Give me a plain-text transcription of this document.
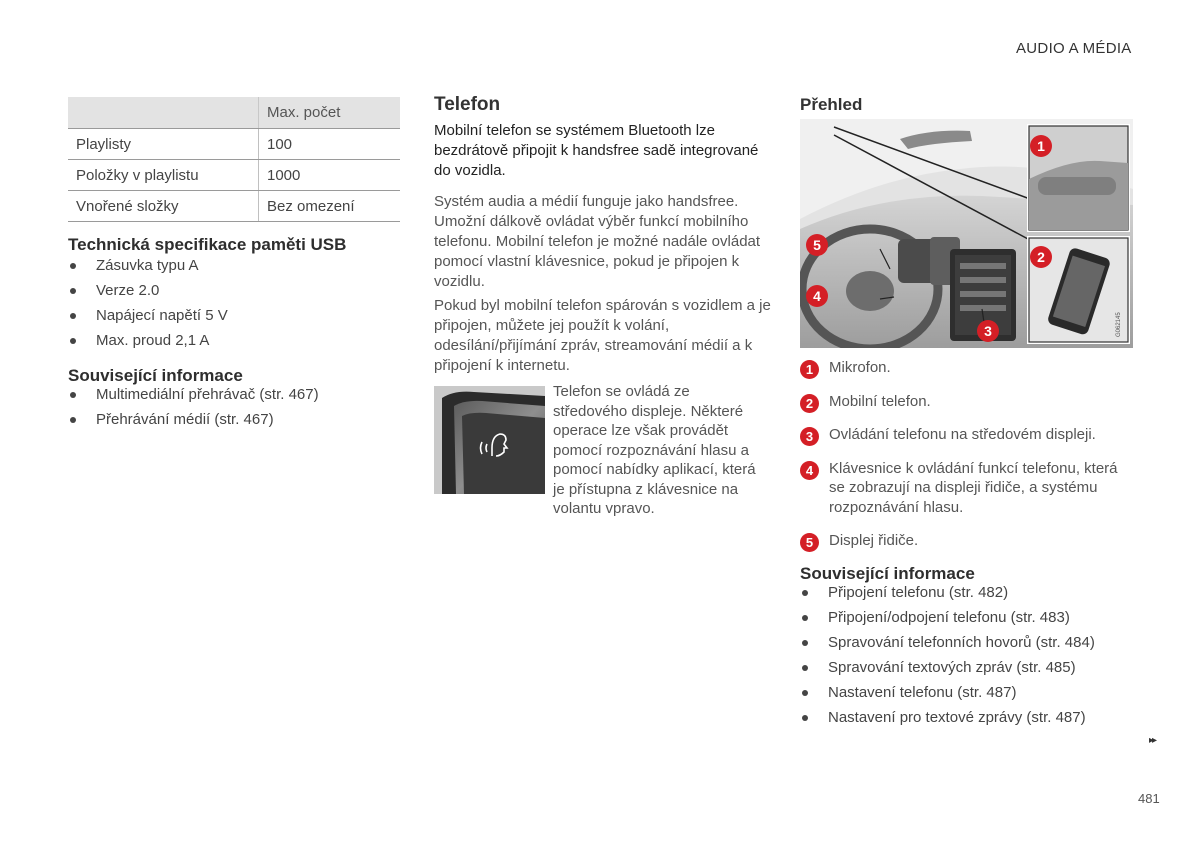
AUDIO A MÉDIA
▸▸
481
	Max. počet
Playlisty	100
Položky v playlistu	1000
Vnořené složky	Bez omezení
Technická specifikace paměti USB
Zásuvka typu A
Verze 2.0
Napájecí napětí 5 V
Max. proud 2,1 A
Související informace
Multimediální přehrávač (str. 467)
Přehrávání médií (str. 467)
Telefon
Mobilní telefon se systémem Bluetooth lze bezdrátově připojit k handsfree sadě integrované do vozidla.
Systém audia a médií funguje jako handsfree. Umožní dálkově ovládat výběr funkcí mobilního telefonu. Mobilní telefon je možné nadále ovládat pomocí vlastní klávesnice, pokud je připojen k vozidlu.
Pokud byl mobilní telefon spárován s vozidlem a je připojen, můžete jej použít k volání, odesílání/přijímání zpráv, streamování médií a k připojení k internetu.
Telefon se ovládá ze středového displeje. Některé operace lze však provádět pomocí rozpoznávání hlasu a pomocí nabídky aplikací, která je přístupna z klávesnice na volantu vpravo.
Přehled
G062145
1
2
3
4
5
1	Mikrofon.
2	Mobilní telefon.
3	Ovládání telefonu na středovém displeji.
4	Klávesnice k ovládání funkcí telefonu, která se zobrazují na displeji řidiče, a systému rozpoznávání hlasu.
5	Displej řidiče.
Související informace
Připojení telefonu (str. 482)
Připojení/odpojení telefonu (str. 483)
Spravování telefonních hovorů (str. 484)
Spravování textových zpráv (str. 485)
Nastavení telefonu (str. 487)
Nastavení pro textové zprávy (str. 487)
